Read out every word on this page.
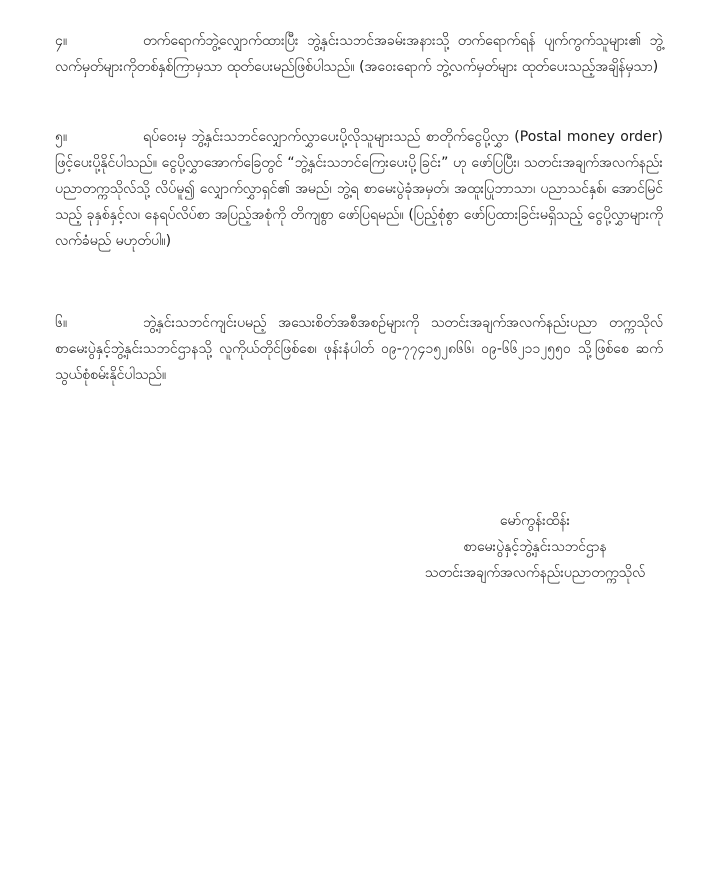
၄။	တက်ရောက်ဘွဲ့လျှောက်ထားပြီး ဘွဲ့နှင်းသဘင်အခမ်းအနားသို့ တက်ရောက်ရန် ပျက်ကွက်သူများ၏ ဘွဲ့လက်မှတ်များကိုတစ်နှစ်ကြာမှသာ ထုတ်ပေးမည်ဖြစ်ပါသည်။ (အဝေးရောက် ဘွဲ့လက်မှတ်များ ထုတ်ပေးသည့်အချိန်မှသာ)
၅။	ရပ်ဝေးမှ ဘွဲ့နှင်းသဘင်လျှောက်လွှာပေးပို့လိုသူများသည် စာတိုက်ငွေပို့လွှာ (Postal money order) ဖြင့်ပေးပို့နိုင်ပါသည်။ ငွေပို့လွှာအောက်ခြေတွင် “ဘွဲ့နှင်းသဘင်ကြေးပေးပို့ခြင်း” ဟု ဖော်ပြပြီး၊ သတင်းအချက်အလက်နည်းပညာတက္ကသိုလ်သို့ လိပ်မူ၍ လျှောက်လွှာရှင်၏ အမည်၊ ဘွဲ့ရ စာမေးပွဲခုံအမှတ်၊ အထူးပြုဘာသာ၊ ပညာသင်နှစ်၊ အောင်မြင်သည့် ခုနှစ်နှင့်လ၊ နေရပ်လိပ်စာ အပြည့်အစုံကို တိကျစွာ ဖော်ပြရမည်။ (ပြည့်စုံစွာ ဖော်ပြထားခြင်းမရှိသည့် ငွေပို့လွှာများကို လက်ခံမည် မဟုတ်ပါ။)
၆။	ဘွဲ့နှင်းသဘင်ကျင်းပမည့် အသေးစိတ်အစီအစဉ်များကို သတင်းအချက်အလက်နည်းပညာ တက္ကသိုလ် စာမေးပွဲနှင့်ဘွဲ့နှင်းသဘင်ဌာနသို့ လူကိုယ်တိုင်ဖြစ်စေ၊ ဖုန်းနံပါတ် ၀၉-၇၇၄၁၅၂၈၆၆၊ ၀၉-၆၆၂၁၁၂၅၅၀ သို့ဖြစ်စေ ဆက်သွယ်စုံစမ်းနိုင်ပါသည်။
မော်ကွန်းထိန်း
စာမေးပွဲနှင့်ဘွဲ့နှင်းသဘင်ဌာန
သတင်းအချက်အလက်နည်းပညာတက္ကသိုလ်
